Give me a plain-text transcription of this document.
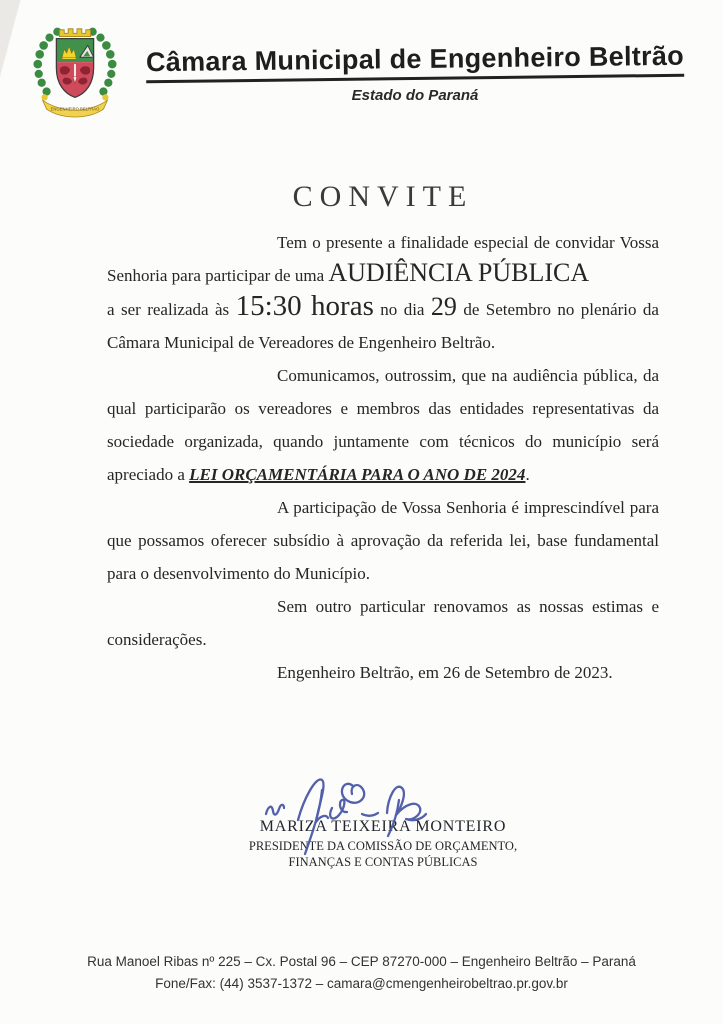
ENGENHEIRO BELTRÃO
Câmara Municipal de Engenheiro Beltrão
Estado do Paraná
CONVITE

Tem o presente a finalidade especial de convidar Vossa Senhoria para participar de uma AUDIÊNCIA PÚBLICA

a ser realizada às 15:30 horas no dia 29 de Setembro no plenário da Câmara Municipal de Vereadores de Engenheiro Beltrão.

Comunicamos, outrossim, que na audiência pública, da qual participarão os vereadores e membros das entidades representativas da sociedade organizada, quando juntamente com técnicos do município será apreciado a LEI ORÇAMENTÁRIA PARA O ANO DE 2024.

A participação de Vossa Senhoria é imprescindível para que possamos oferecer subsídio à aprovação da referida lei, base fundamental para o desenvolvimento do Município.

Sem outro particular renovamos as nossas estimas e considerações.

Engenheiro Beltrão, em 26 de Setembro de 2023.

MARIZA TEIXEIRA MONTEIRO
PRESIDENTE DA COMISSÃO DE ORÇAMENTO,
FINANÇAS E CONTAS PÚBLICAS
Rua Manoel Ribas nº 225 – Cx. Postal 96 – CEP 87270-000 – Engenheiro Beltrão – Paraná
Fone/Fax: (44) 3537-1372 – camara@cmengenheirobeltrao.pr.gov.br
